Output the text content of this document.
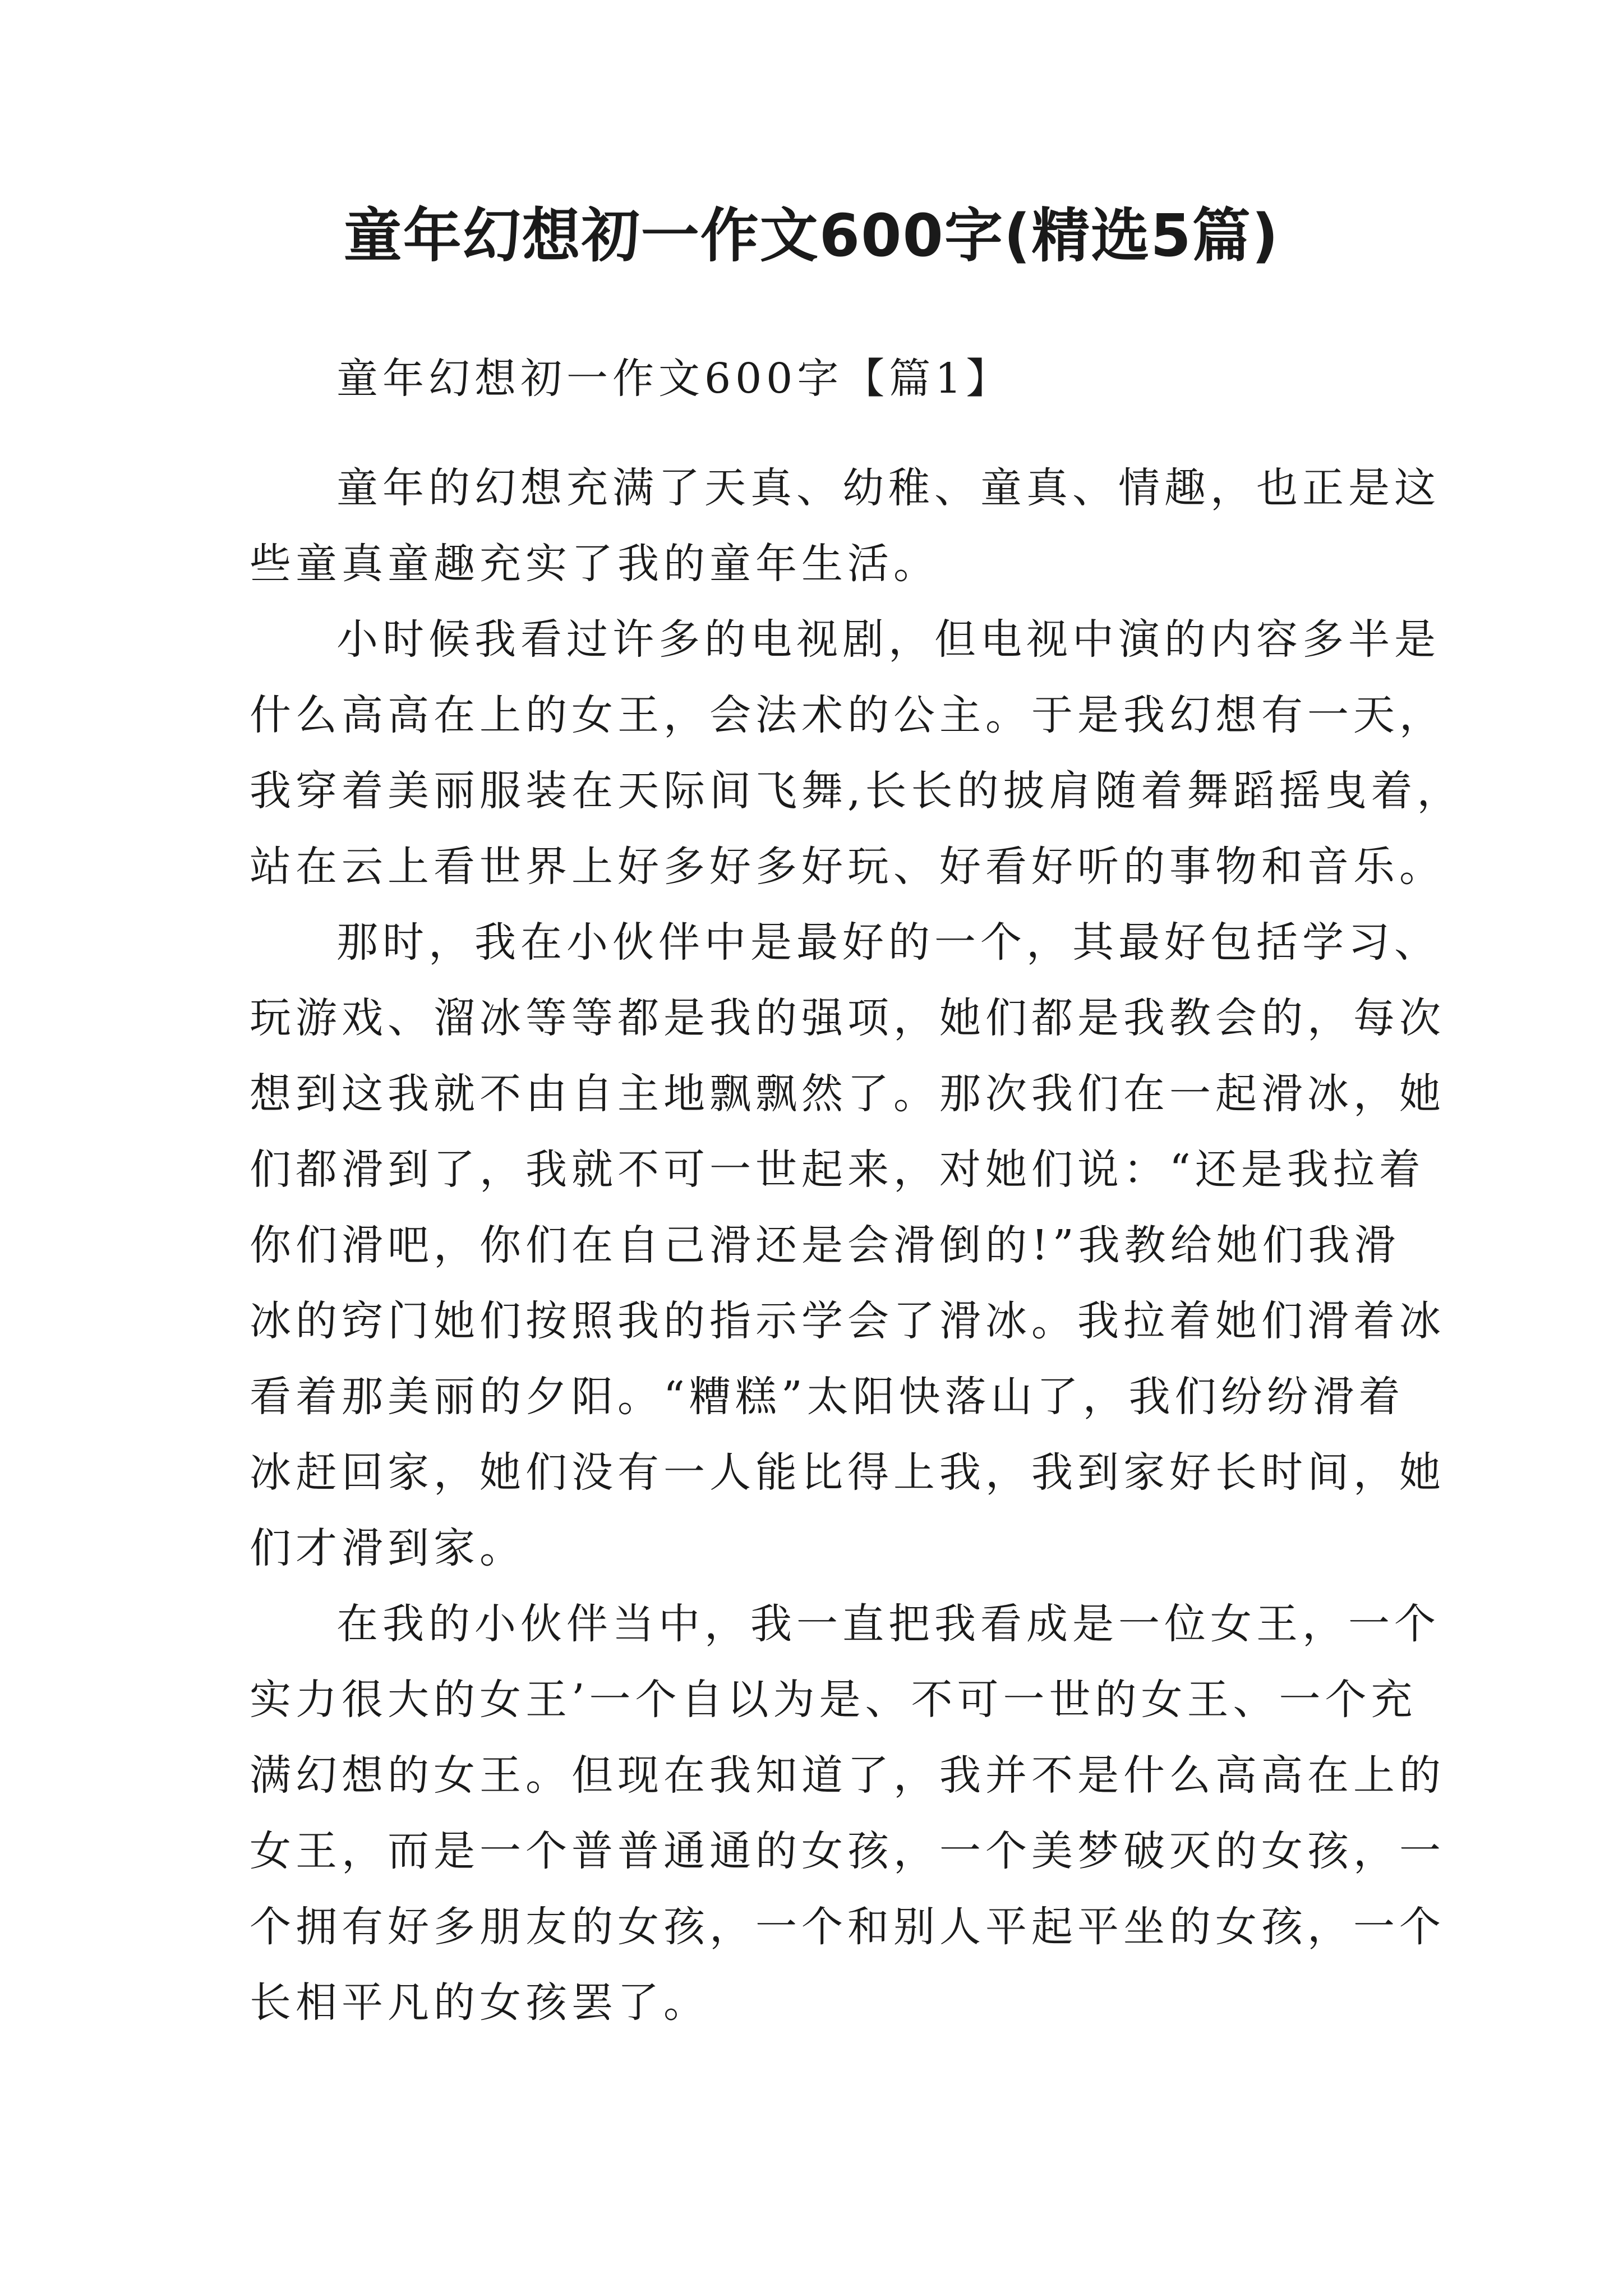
童年幻想初一作文600字(精选5篇)

童年幻想初一作文600字【篇1】

童年的幻想充满了天真、幼稚、童真、情趣，也正是这

些童真童趣充实了我的童年生活。

小时候我看过许多的电视剧，但电视中演的内容多半是

什么高高在上的女王，会法术的公主。于是我幻想有一天，

我穿着美丽服装在天际间飞舞,长长的披肩随着舞蹈摇曳着，

站在云上看世界上好多好多好玩、好看好听的事物和音乐。

那时，我在小伙伴中是最好的一个，其最好包括学习、

玩游戏、溜冰等等都是我的强项，她们都是我教会的，每次

想到这我就不由自主地飘飘然了。那次我们在一起滑冰，她

们都滑到了，我就不可一世起来，对她们说：“还是我拉着

你们滑吧，你们在自己滑还是会滑倒的!”我教给她们我滑

冰的窍门她们按照我的指示学会了滑冰。我拉着她们滑着冰

看着那美丽的夕阳。“糟糕”太阳快落山了，我们纷纷滑着

冰赶回家，她们没有一人能比得上我，我到家好长时间，她

们才滑到家。

在我的小伙伴当中，我一直把我看成是一位女王，一个

实力很大的女王’一个自以为是、不可一世的女王、一个充

满幻想的女王。但现在我知道了，我并不是什么高高在上的

女王，而是一个普普通通的女孩，一个美梦破灭的女孩，一

个拥有好多朋友的女孩，一个和别人平起平坐的女孩，一个

长相平凡的女孩罢了。
